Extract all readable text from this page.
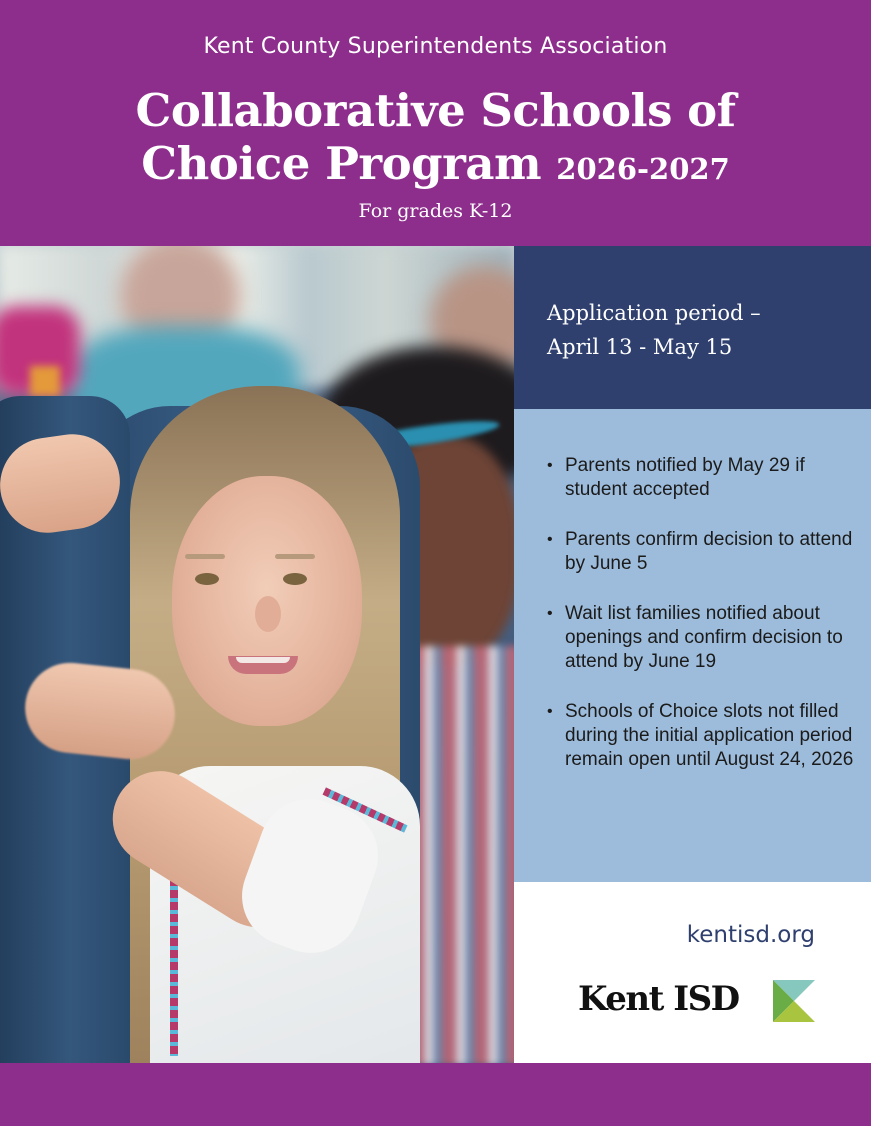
Kent County Superintendents Association
Collaborative Schools of
Choice Program 2026-2027
For grades K-12
Application period –
April 13 - May 15
• Parents notified by May 29 if student accepted
• Parents confirm decision to attend by June 5
• Wait list families notified about openings and confirm decision to attend by June 19
• Schools of Choice slots not filled during the initial application period remain open until August 24, 2026
kentisd.org
Kent ISD
